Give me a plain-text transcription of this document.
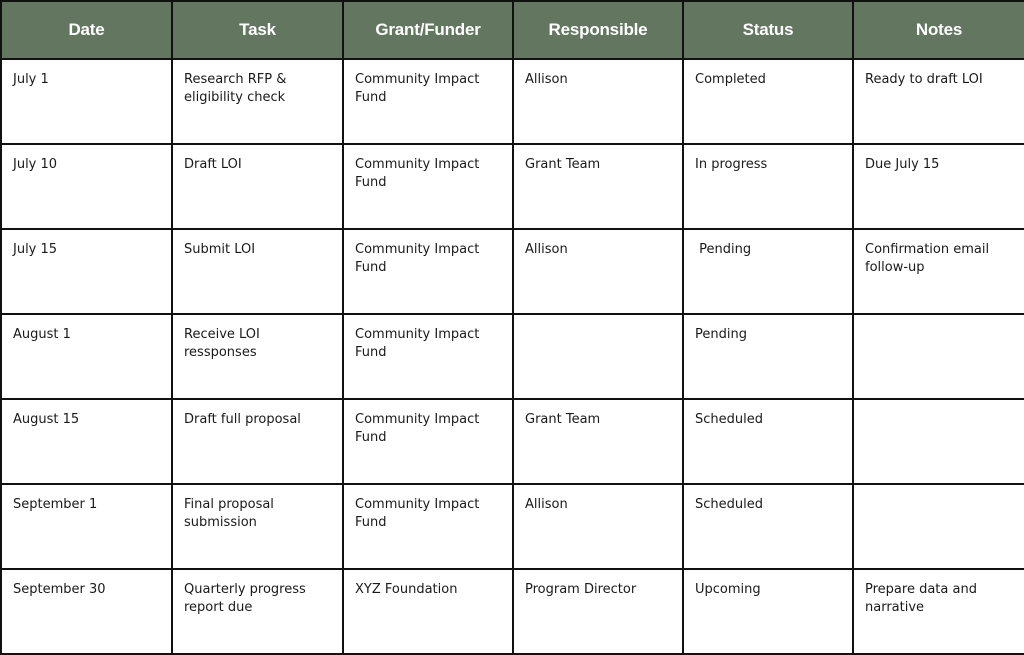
Date	Task	Grant/Funder	Responsible	Status	Notes
July 1	Research RFP &
eligibility check	Community Impact
Fund	Allison	Completed	Ready to draft LOI
July 10	Draft LOI	Community Impact
Fund	Grant Team	In progress	Due July 15
July 15	Submit LOI	Community Impact
Fund	Allison	Pending	Confirmation email
follow-up
August 1	Receive LOI
ressponses	Community Impact
Fund		Pending	
August 15	Draft full proposal	Community Impact
Fund	Grant Team	Scheduled	
September 1	Final proposal
submission	Community Impact
Fund	Allison	Scheduled	
September 30	Quarterly progress
report due	XYZ Foundation	Program Director	Upcoming	Prepare data and
narrative
